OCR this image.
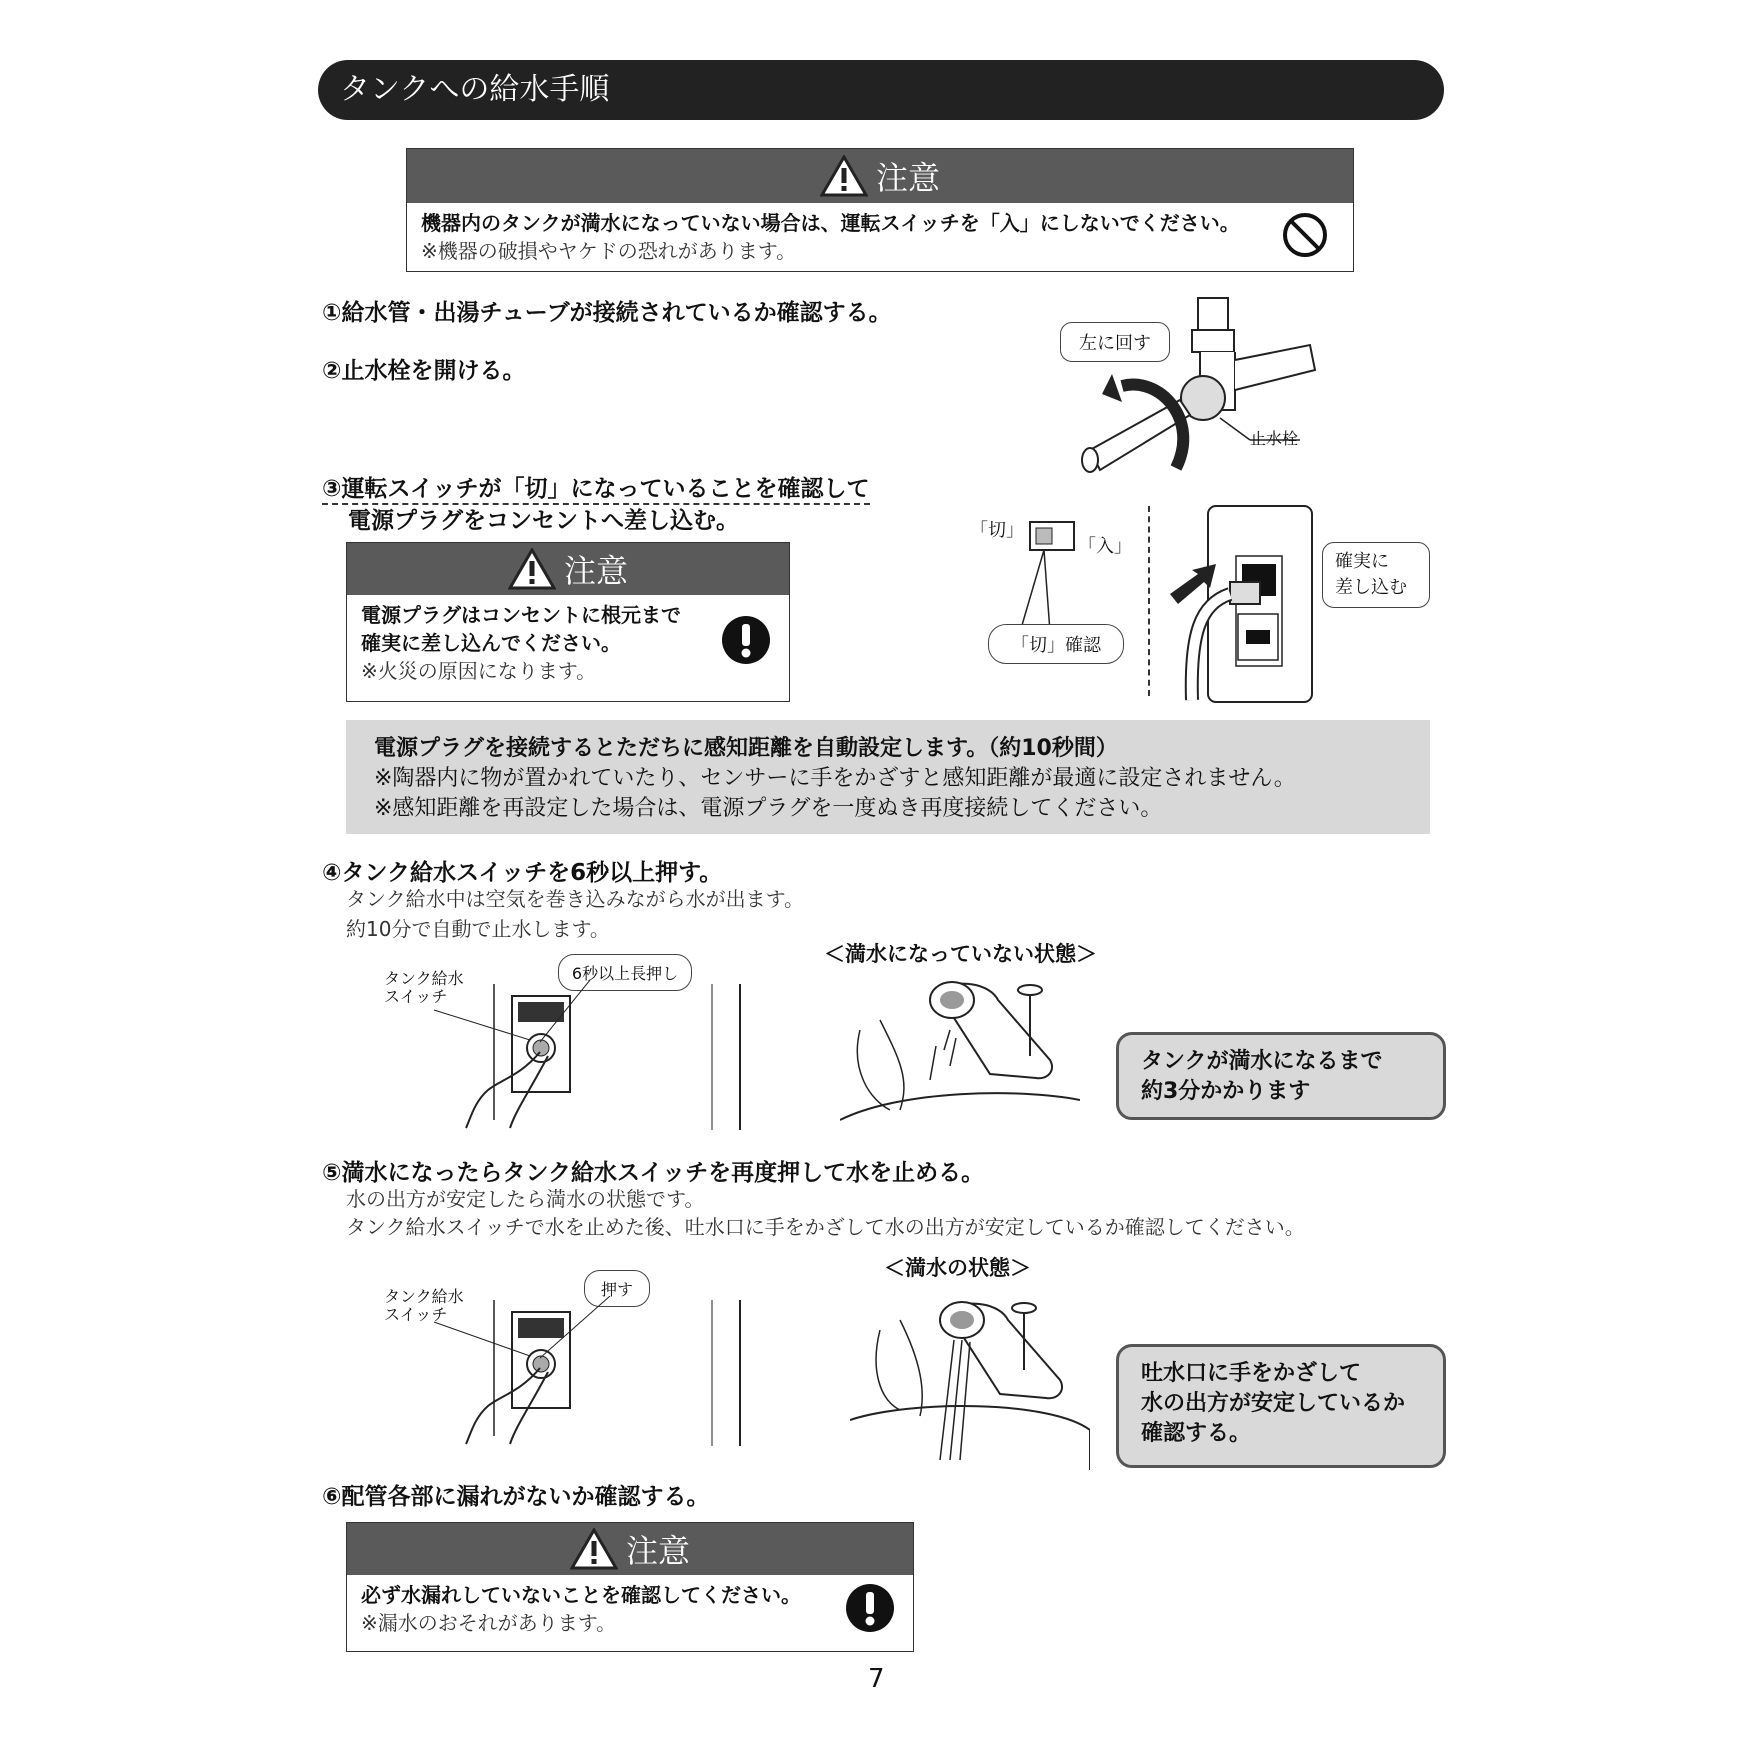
タンクへの給水手順
注意
機器内のタンクが満水になっていない場合は、運転スイッチを「入」にしないでください。
※機器の破損やヤケドの恐れがあります。
①給水管・出湯チューブが接続されているか確認する。
②止水栓を開ける。
左に回す
止水栓
③運転スイッチが「切」になっていることを確認して
電源プラグをコンセントへ差し込む。
注意
電源プラグはコンセントに根元まで
確実に差し込んでください。
※火災の原因になります。
「切」
「入」
「切」確認
確実に
差し込む
電源プラグを接続するとただちに感知距離を自動設定します。（約10秒間）
※陶器内に物が置かれていたり、センサーに手をかざすと感知距離が最適に設定されません。
※感知距離を再設定した場合は、電源プラグを一度ぬき再度接続してください。
④タンク給水スイッチを6秒以上押す。
タンク給水中は空気を巻き込みながら水が出ます。
約10分で自動で止水します。
タンク給水
スイッチ
6秒以上長押し
＜満水になっていない状態＞
タンクが満水になるまで
約3分かかります
⑤満水になったらタンク給水スイッチを再度押して水を止める。
水の出方が安定したら満水の状態です。
タンク給水スイッチで水を止めた後、吐水口に手をかざして水の出方が安定しているか確認してください。
タンク給水
スイッチ
押す
＜満水の状態＞
吐水口に手をかざして
水の出方が安定しているか
確認する。
⑥配管各部に漏れがないか確認する。
注意
必ず水漏れしていないことを確認してください。
※漏水のおそれがあります。
7
